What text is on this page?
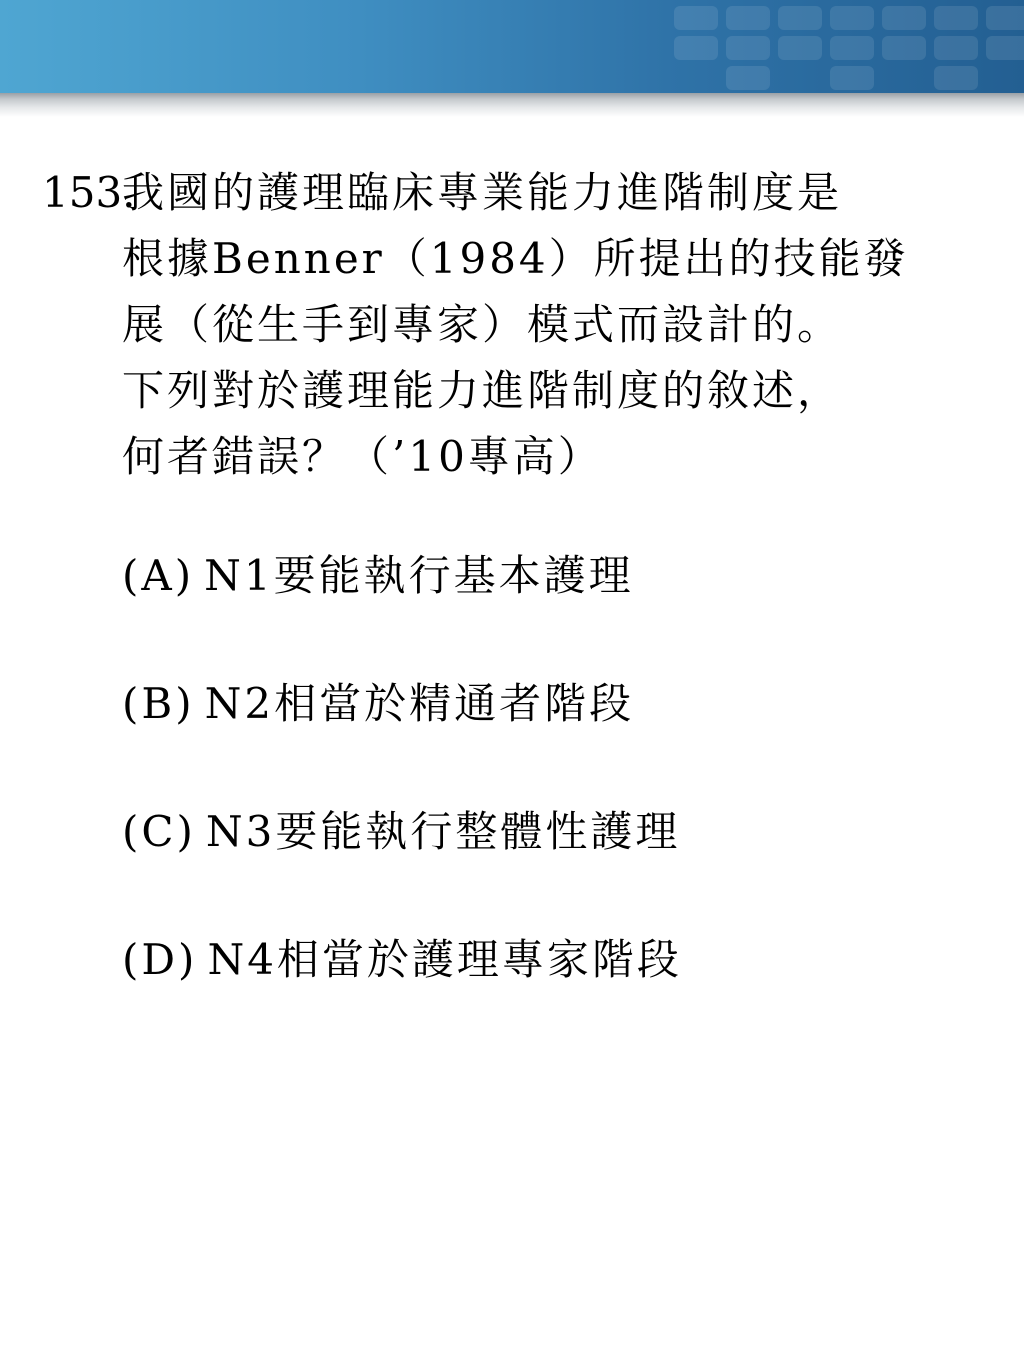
153.
我國的護理臨床專業能力進階制度是
根據Benner（1984）所提出的技能發
展（從生手到專家）模式而設計的。
下列對於護理能力進階制度的敘述，
何者錯誤？（’10專高）
(A) N1要能執行基本護理
(B) N2相當於精通者階段
(C) N3要能執行整體性護理
(D) N4相當於護理專家階段
